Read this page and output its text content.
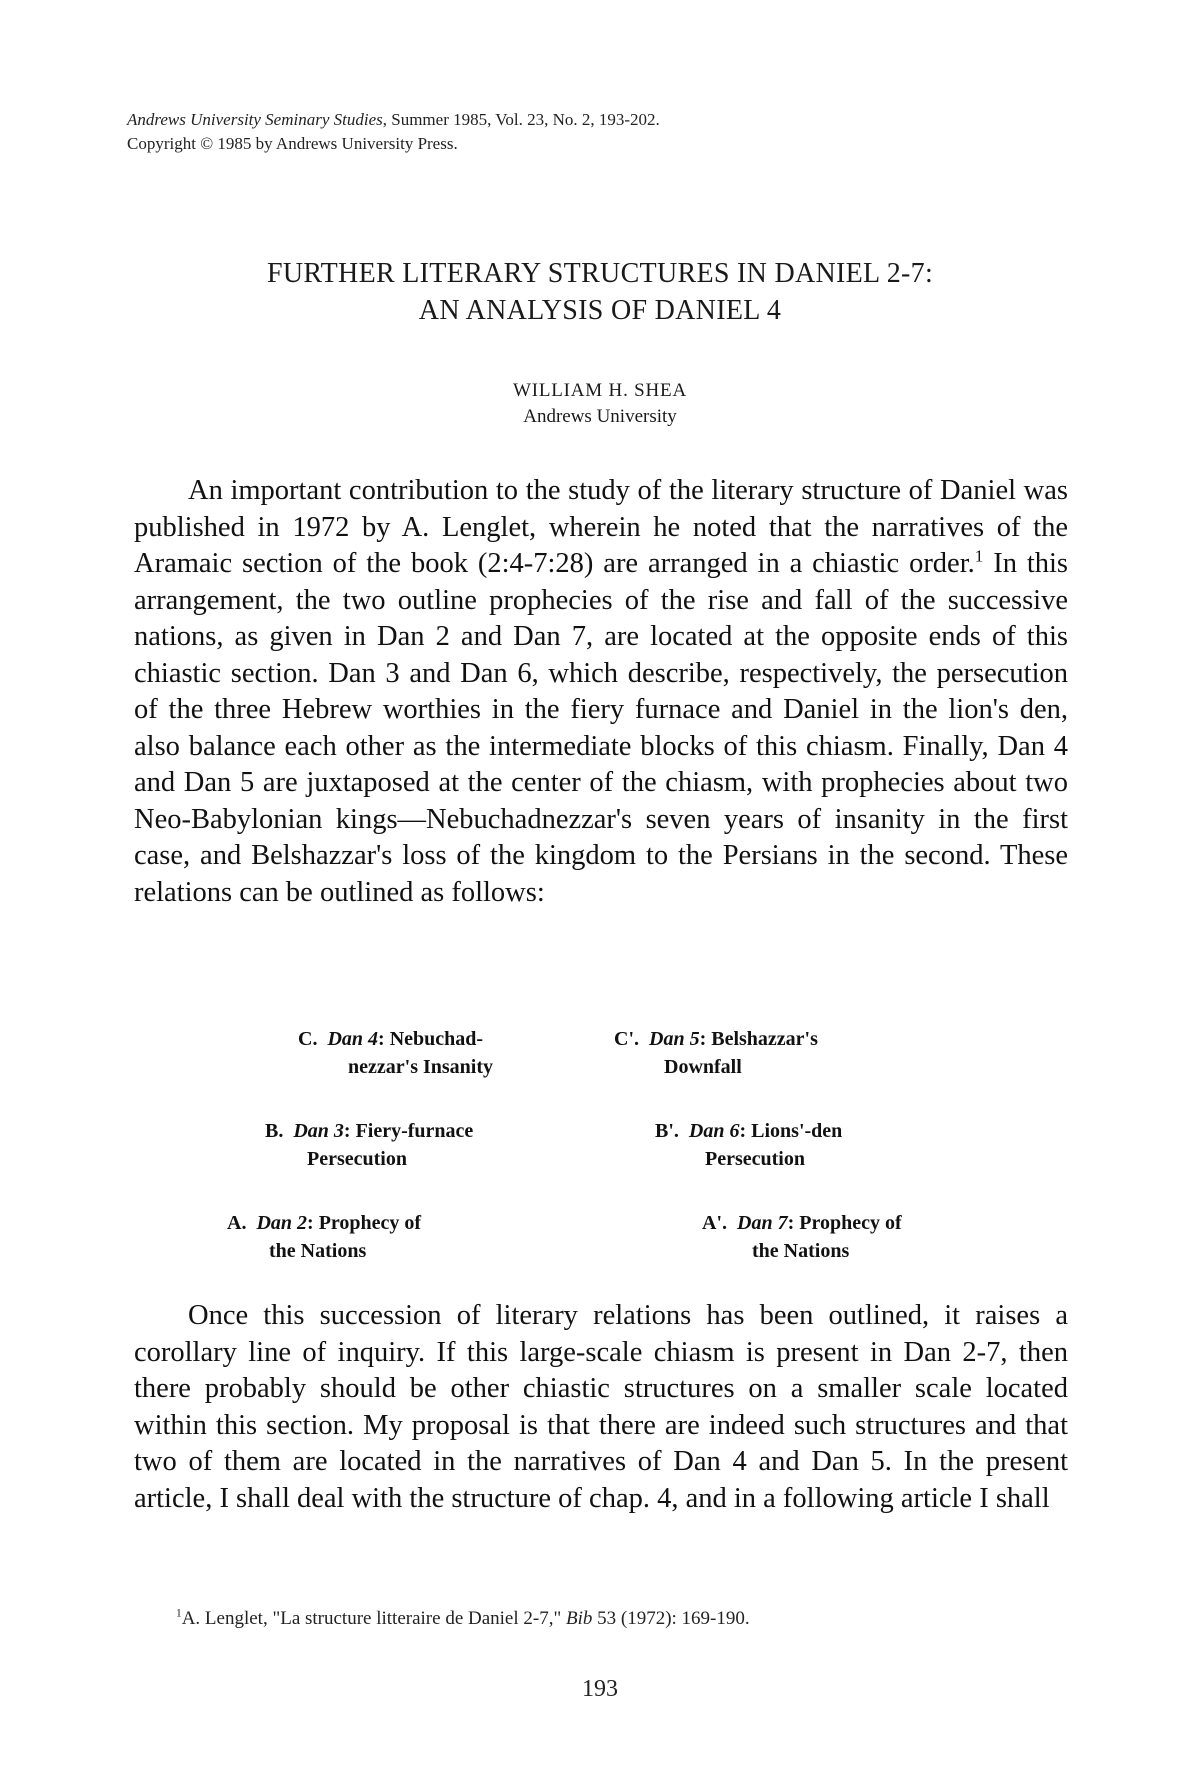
Andrews University Seminary Studies, Summer 1985, Vol. 23, No. 2, 193-202.
Copyright © 1985 by Andrews University Press.
FURTHER LITERARY STRUCTURES IN DANIEL 2-7:
AN ANALYSIS OF DANIEL 4
WILLIAM H. SHEA
Andrews University

An important contribution to the study of the literary structure of Daniel was published in 1972 by A. Lenglet, wherein he noted that the narratives of the Aramaic section of the book (2:4-7:28) are arranged in a chiastic order.$^1$ In this arrangement, the two outline prophecies of the rise and fall of the successive nations, as given in Dan 2 and Dan 7, are located at the opposite ends of this chiastic section. Dan 3 and Dan 6, which describe, respectively, the persecution of the three Hebrew worthies in the fiery furnace and Daniel in the lion's den, also balance each other as the intermediate blocks of this chiasm. Finally, Dan 4 and Dan 5 are juxtaposed at the center of the chiasm, with prophecies about two Neo-Babylonian kings—Nebuchadnezzar's seven years of insanity in the first case, and Belshazzar's loss of the kingdom to the Persians in the second. These relations can be outlined as follows:

C. Dan 4: Nebuchad-
nezzar's Insanity
C'. Dan 5: Belshazzar's
Downfall
B. Dan 3: Fiery-furnace
Persecution
B'. Dan 6: Lions'-den
Persecution
A. Dan 2: Prophecy of
the Nations
A'. Dan 7: Prophecy of
the Nations

Once this succession of literary relations has been outlined, it raises a corollary line of inquiry. If this large-scale chiasm is present in Dan 2-7, then there probably should be other chiastic structures on a smaller scale located within this section. My proposal is that there are indeed such structures and that two of them are located in the narratives of Dan 4 and Dan 5. In the present article, I shall deal with the structure of chap. 4, and in a following article I shall

$^1$A. Lenglet, "La structure litteraire de Daniel 2-7," Bib 53 (1972): 169-190.
193
